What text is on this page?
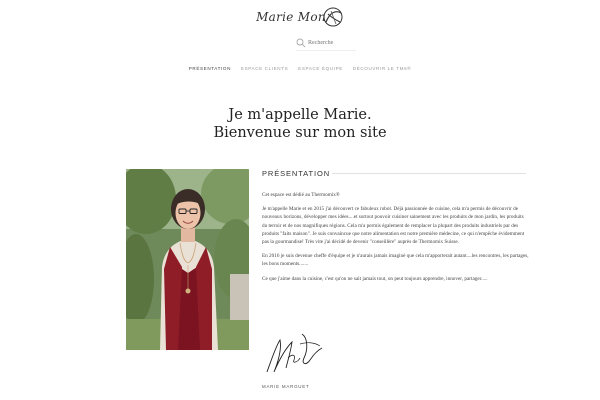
Marie Mon
Recherche
PRÉSENTATION ESPACE CLIENTS ESPACE ÉQUIPE DÉCOUVRIR LE TM6®
Je m'appelle Marie.
Bienvenue sur mon site
PRÉSENTATION

Cet espace est dédié au Thermomix®

Je m'appelle Marie et en 2015 j'ai découvert ce fabuleux robot. Déjà passionnée de cuisine, cela m'a permis de découvrir de nouveaux horizons, développer mes idées....et surtout pouvoir cuisiner sainement avec les produits de mon jardin, les produits du terroir et de nos magnifiques régions. Cela m'a permis également de remplacer la plupart des produits industriels par des produits "faits maison". Je suis convaincue que notre alimentation est notre première médecine, ce qui n'empêche évidemment pas la gourmandise! Très vite j'ai décidé de devenir "conseillère" auprès de Thermomix Suisse.

En 2016 je suis devenue cheffe d'équipe et je n'aurais jamais imaginé que cela m'apporterait autant....les rencontres, les partages, les bons moments.......

Ce que j'aime dans la cuisine, c'est qu'on ne sait jamais tout, on peut toujours apprendre, innover, partager.....

MARIE MARGUET
